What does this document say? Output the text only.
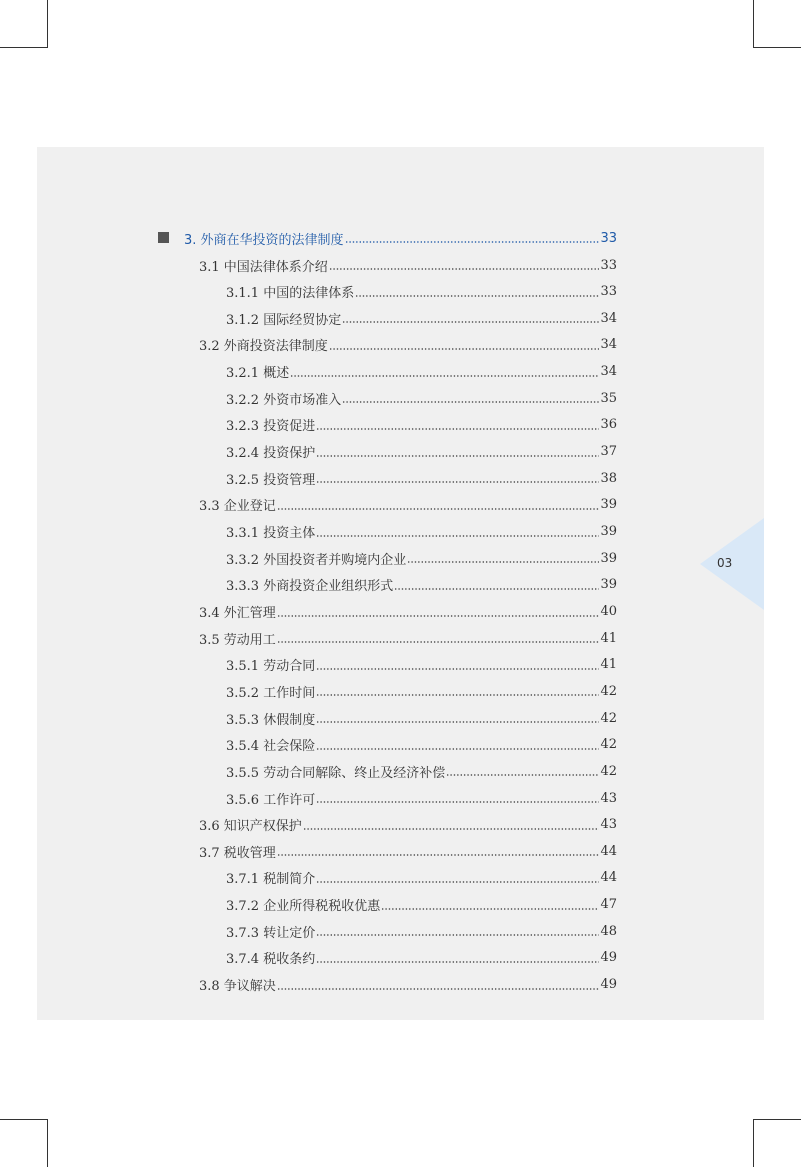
03
3. 外商在华投资的法律制度	33
3.1 中国法律体系介绍	33
3.1.1 中国的法律体系	33
3.1.2 国际经贸协定	34
3.2 外商投资法律制度	34
3.2.1 概述	34
3.2.2 外资市场准入	35
3.2.3 投资促进	36
3.2.4 投资保护	37
3.2.5 投资管理	38
3.3 企业登记	39
3.3.1 投资主体	39
3.3.2 外国投资者并购境内企业	39
3.3.3 外商投资企业组织形式	39
3.4 外汇管理	40
3.5 劳动用工	41
3.5.1 劳动合同	41
3.5.2 工作时间	42
3.5.3 休假制度	42
3.5.4 社会保险	42
3.5.5 劳动合同解除、终止及经济补偿	42
3.5.6 工作许可	43
3.6 知识产权保护	43
3.7 税收管理	44
3.7.1 税制简介	44
3.7.2 企业所得税税收优惠	47
3.7.3 转让定价	48
3.7.4 税收条约	49
3.8 争议解决	49
